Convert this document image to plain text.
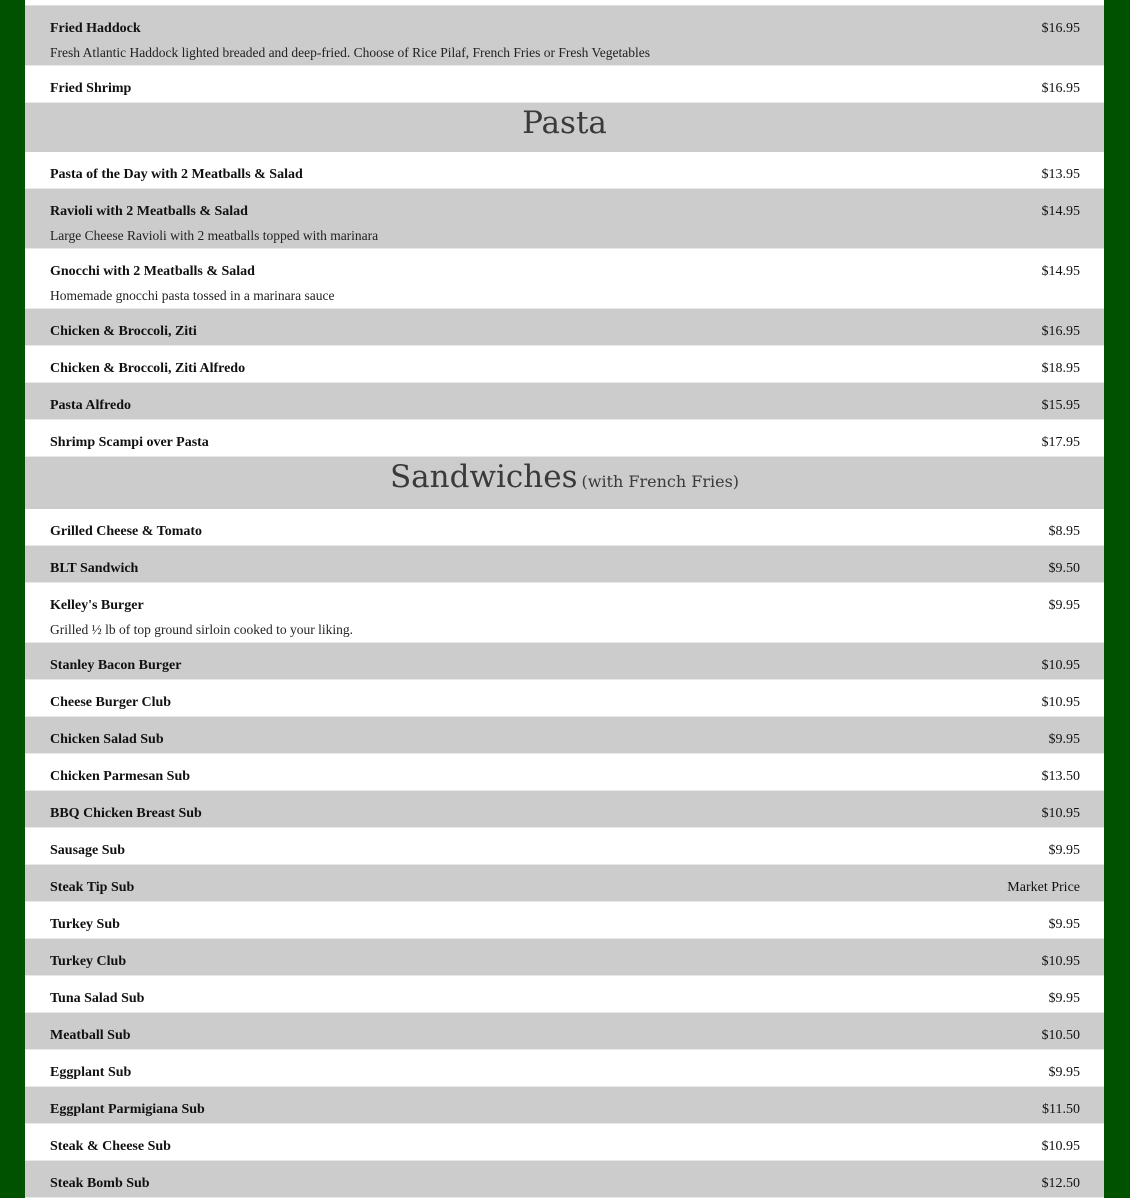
Fried Haddock	$16.95
Fresh Atlantic Haddock lighted breaded and deep-fried. Choose of Rice Pilaf, French Fries or Fresh Vegetables
Fried Shrimp	$16.95
Pasta
Pasta of the Day with 2 Meatballs & Salad	$13.95
Ravioli with 2 Meatballs & Salad	$14.95
Large Cheese Ravioli with 2 meatballs topped with marinara
Gnocchi with 2 Meatballs & Salad	$14.95
Homemade gnocchi pasta tossed in a marinara sauce
Chicken & Broccoli, Ziti	$16.95
Chicken & Broccoli, Ziti Alfredo	$18.95
Pasta Alfredo	$15.95
Shrimp Scampi over Pasta	$17.95
Sandwiches (with French Fries)
Grilled Cheese & Tomato	$8.95
BLT Sandwich	$9.50
Kelley's Burger	$9.95
Grilled ½ lb of top ground sirloin cooked to your liking.
Stanley Bacon Burger	$10.95
Cheese Burger Club	$10.95
Chicken Salad Sub	$9.95
Chicken Parmesan Sub	$13.50
BBQ Chicken Breast Sub	$10.95
Sausage Sub	$9.95
Steak Tip Sub	Market Price
Turkey Sub	$9.95
Turkey Club	$10.95
Tuna Salad Sub	$9.95
Meatball Sub	$10.50
Eggplant Sub	$9.95
Eggplant Parmigiana Sub	$11.50
Steak & Cheese Sub	$10.95
Steak Bomb Sub	$12.50
